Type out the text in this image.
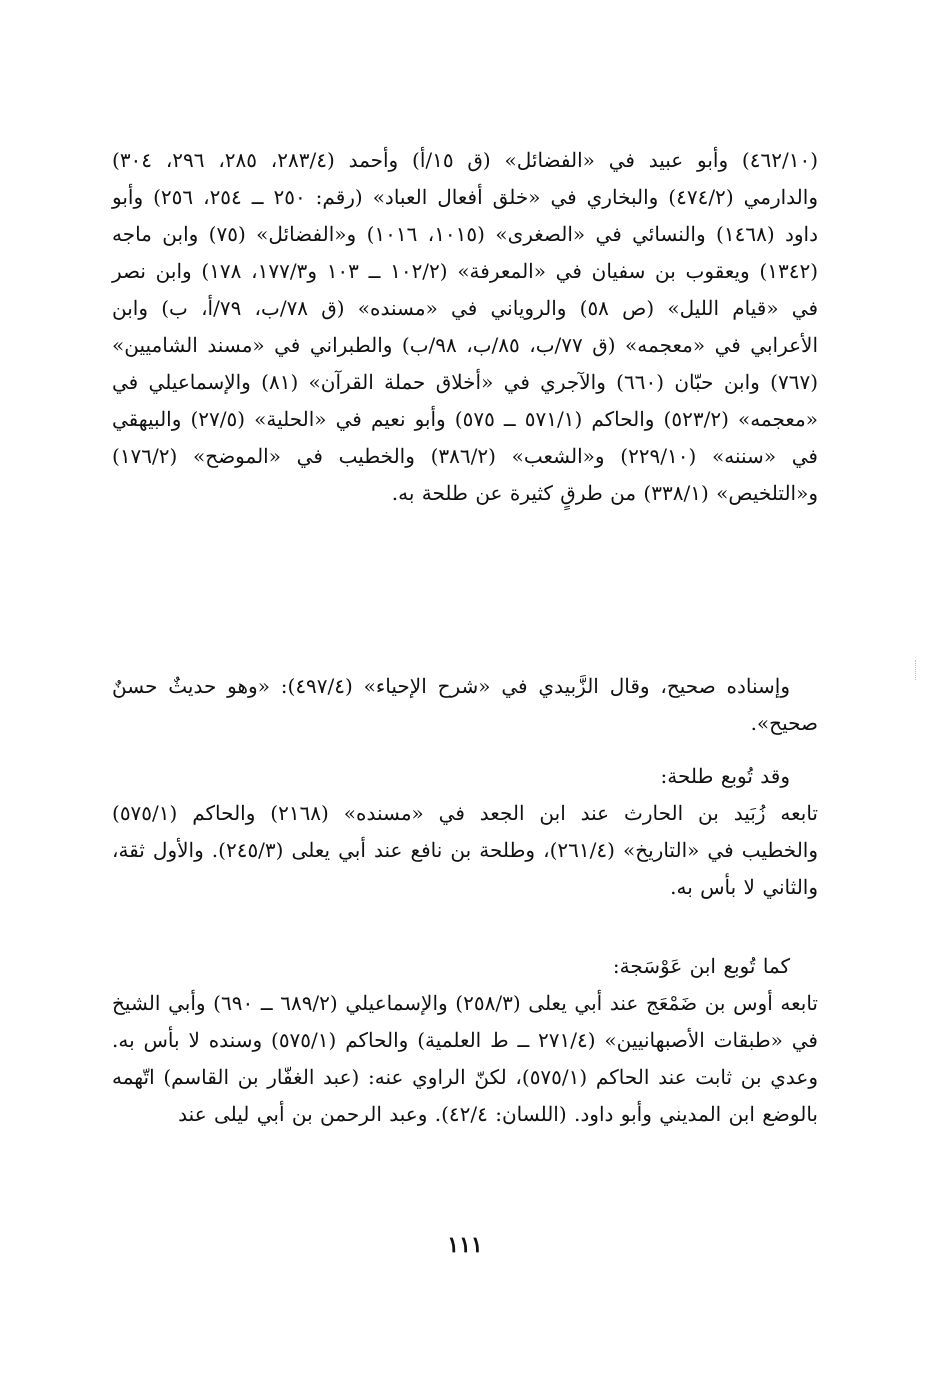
(٤٦٢/١٠) وأبو عبيد في «الفضائل» (ق ١٥/أ) وأحمد (٢٨٣/٤، ٢٨٥، ٢٩٦، ٣٠٤) والدارمي (٤٧٤/٢) والبخاري في «خلق أفعال العباد» (رقم: ٢٥٠ ــ ٢٥٤، ٢٥٦) وأبو داود (١٤٦٨) والنسائي في «الصغرى» (١٠١٥، ١٠١٦) و«الفضائل» (٧٥) وابن ماجه (١٣٤٢) ويعقوب بن سفيان في «المعرفة» (١٠٢/٢ ــ ١٠٣ و١٧٧/٣، ١٧٨) وابن نصر في «قيام الليل» (ص ٥٨) والروياني في «مسنده» (ق ٧٨/ب، ٧٩/أ، ب) وابن الأعرابي في «معجمه» (ق ٧٧/ب، ٨٥/ب، ٩٨/ب) والطبراني في «مسند الشاميين» (٧٦٧) وابن حبّان (٦٦٠) والآجري في «أخلاق حملة القرآن» (٨١) والإسماعيلي في «معجمه» (٥٢٣/٢) والحاكم (٥٧١/١ ــ ٥٧٥) وأبو نعيم في «الحلية» (٢٧/٥) والبيهقي في «سننه» (٢٢٩/١٠) و«الشعب» (٣٨٦/٢) والخطيب في «الموضح» (١٧٦/٢) و«التلخيص» (٣٣٨/١) من طرقٍ كثيرة عن طلحة به.

وإسناده صحيح، وقال الزَّبيدي في «شرح الإحياء» (٤٩٧/٤): «وهو حديثٌ حسنٌ صحيح».

وقد تُوبع طلحة:

تابعه زُبَيد بن الحارث عند ابن الجعد في «مسنده» (٢١٦٨) والحاكم (٥٧٥/١) والخطيب في «التاريخ» (٢٦١/٤)، وطلحة بن نافع عند أبي يعلى (٢٤٥/٣). والأول ثقة، والثاني لا بأس به.

كما تُوبع ابن عَوْسَجة:

تابعه أوس بن ضَمْعَج عند أبي يعلى (٢٥٨/٣) والإسماعيلي (٦٨٩/٢ ــ ٦٩٠) وأبي الشيخ في «طبقات الأصبهانيين» (٢٧١/٤ ــ ط العلمية) والحاكم (٥٧٥/١) وسنده لا بأس به. وعدي بن ثابت عند الحاكم (٥٧٥/١)، لكنّ الراوي عنه: (عبد الغفّار بن القاسم) اتّهمه بالوضع ابن المديني وأبو داود. (اللسان: ٤٢/٤). وعبد الرحمن بن أبي ليلى عند

١١١
